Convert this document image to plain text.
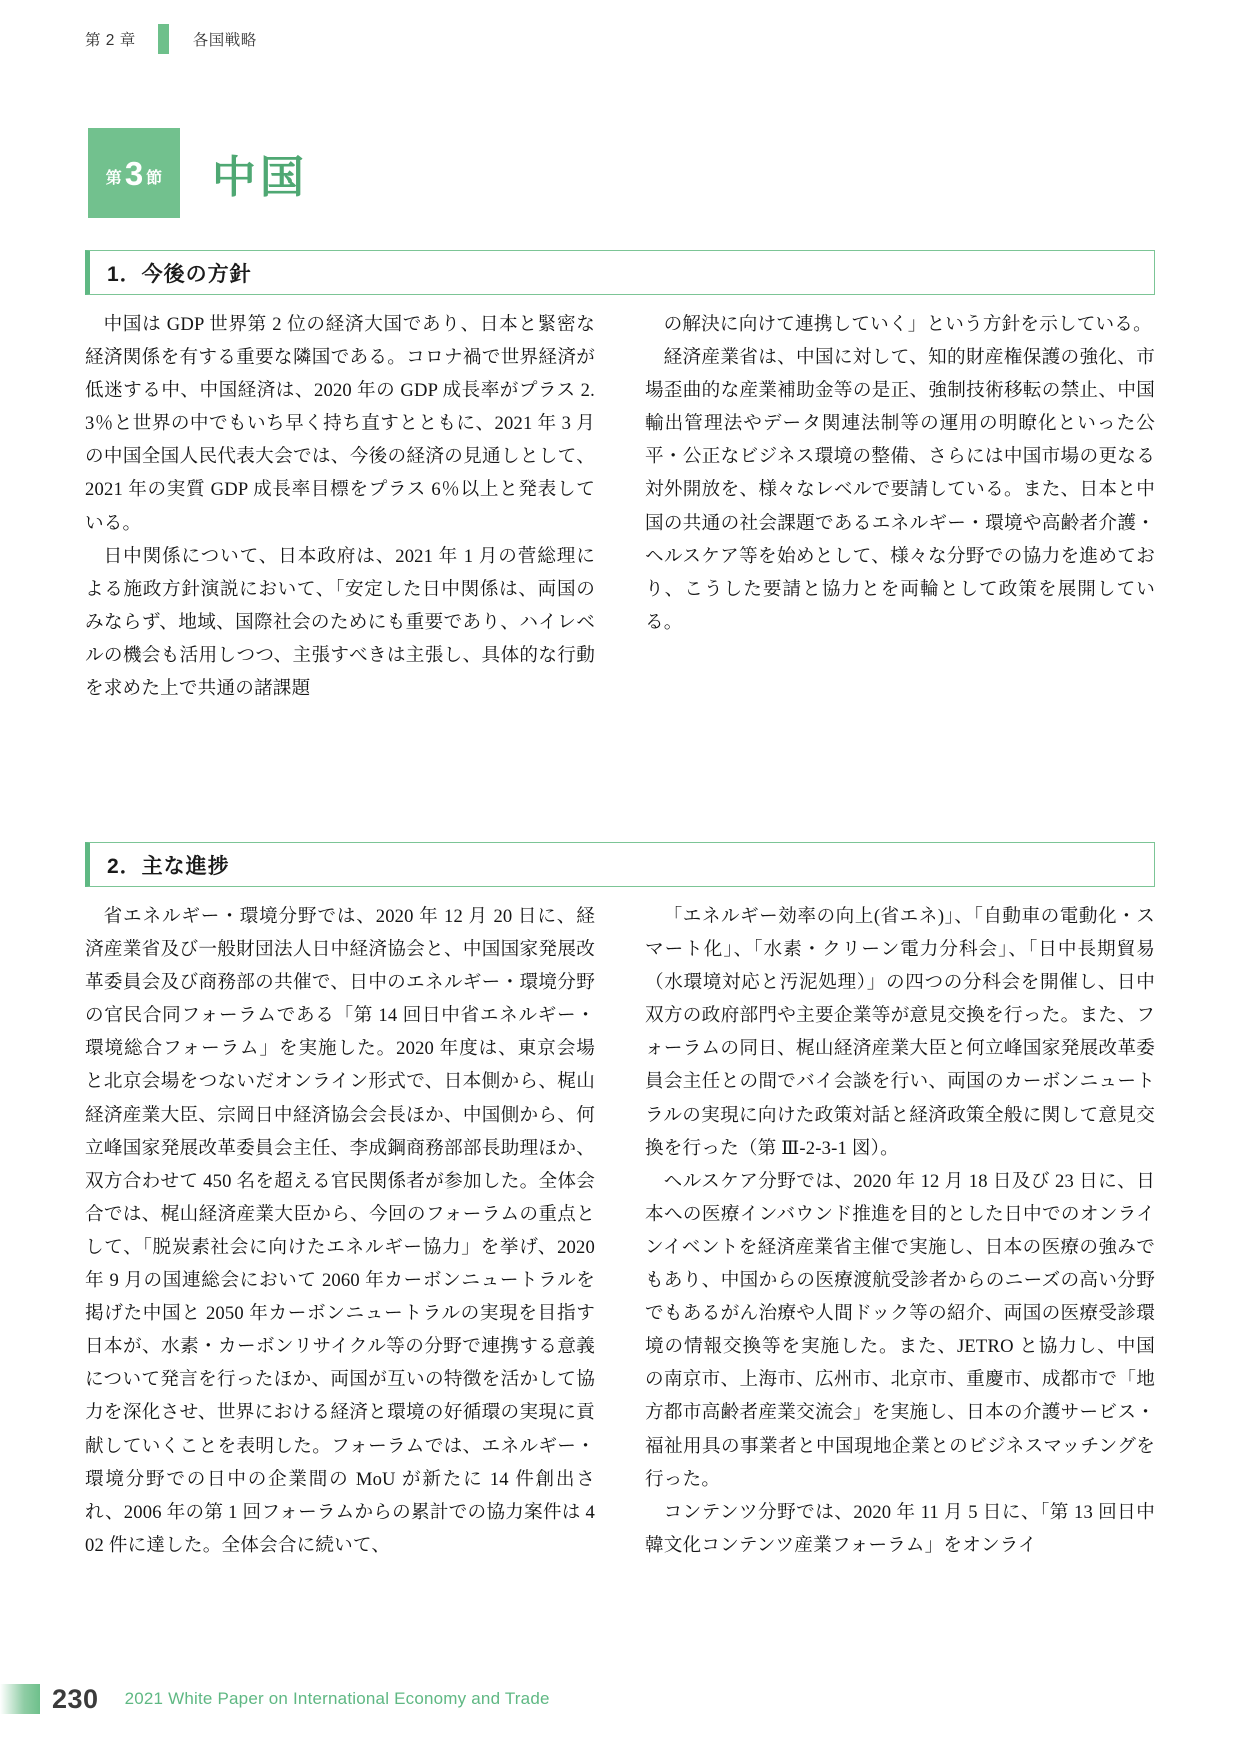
第 2 章	各国戦略
第 3 節 中国
1．今後の方針

中国は GDP 世界第 2 位の経済大国であり、日本と緊密な経済関係を有する重要な隣国である。コロナ禍で世界経済が低迷する中、中国経済は、2020 年の GDP 成長率がプラス 2.3％と世界の中でもいち早く持ち直すとともに、2021 年 3 月の中国全国人民代表大会では、今後の経済の見通しとして、2021 年の実質 GDP 成長率目標をプラス 6％以上と発表している。

日中関係について、日本政府は、2021 年 1 月の菅総理による施政方針演説において、「安定した日中関係は、両国のみならず、地域、国際社会のためにも重要であり、ハイレベルの機会も活用しつつ、主張すべきは主張し、具体的な行動を求めた上で共通の諸課題

の解決に向けて連携していく」という方針を示している。

経済産業省は、中国に対して、知的財産権保護の強化、市場歪曲的な産業補助金等の是正、強制技術移転の禁止、中国輸出管理法やデータ関連法制等の運用の明瞭化といった公平・公正なビジネス環境の整備、さらには中国市場の更なる対外開放を、様々なレベルで要請している。また、日本と中国の共通の社会課題であるエネルギー・環境や高齢者介護・ヘルスケア等を始めとして、様々な分野での協力を進めており、こうした要請と協力とを両輪として政策を展開している。

2．主な進捗

省エネルギー・環境分野では、2020 年 12 月 20 日に、経済産業省及び一般財団法人日中経済協会と、中国国家発展改革委員会及び商務部の共催で、日中のエネルギー・環境分野の官民合同フォーラムである「第 14 回日中省エネルギー・環境総合フォーラム」を実施した。2020 年度は、東京会場と北京会場をつないだオンライン形式で、日本側から、梶山経済産業大臣、宗岡日中経済協会会長ほか、中国側から、何立峰国家発展改革委員会主任、李成鋼商務部部長助理ほか、双方合わせて 450 名を超える官民関係者が参加した。全体会合では、梶山経済産業大臣から、今回のフォーラムの重点として、「脱炭素社会に向けたエネルギー協力」を挙げ、2020 年 9 月の国連総会において 2060 年カーボンニュートラルを掲げた中国と 2050 年カーボンニュートラルの実現を目指す日本が、水素・カーボンリサイクル等の分野で連携する意義について発言を行ったほか、両国が互いの特徴を活かして協力を深化させ、世界における経済と環境の好循環の実現に貢献していくことを表明した。フォーラムでは、エネルギー・環境分野での日中の企業間の MoU が新たに 14 件創出され、2006 年の第 1 回フォーラムからの累計での協力案件は 402 件に達した。全体会合に続いて、

「エネルギー効率の向上(省エネ)」、「自動車の電動化・スマート化」、「水素・クリーン電力分科会」、「日中長期貿易（水環境対応と汚泥処理）」の四つの分科会を開催し、日中双方の政府部門や主要企業等が意見交換を行った。また、フォーラムの同日、梶山経済産業大臣と何立峰国家発展改革委員会主任との間でバイ会談を行い、両国のカーボンニュートラルの実現に向けた政策対話と経済政策全般に関して意見交換を行った（第 Ⅲ-2-3-1 図）。

ヘルスケア分野では、2020 年 12 月 18 日及び 23 日に、日本への医療インバウンド推進を目的とした日中でのオンラインイベントを経済産業省主催で実施し、日本の医療の強みでもあり、中国からの医療渡航受診者からのニーズの高い分野でもあるがん治療や人間ドック等の紹介、両国の医療受診環境の情報交換等を実施した。また、JETRO と協力し、中国の南京市、上海市、広州市、北京市、重慶市、成都市で「地方都市高齢者産業交流会」を実施し、日本の介護サービス・福祉用具の事業者と中国現地企業とのビジネスマッチングを行った。

コンテンツ分野では、2020 年 11 月 5 日に、「第 13 回日中韓文化コンテンツ産業フォーラム」をオンライ

230 2021 White Paper on International Economy and Trade
